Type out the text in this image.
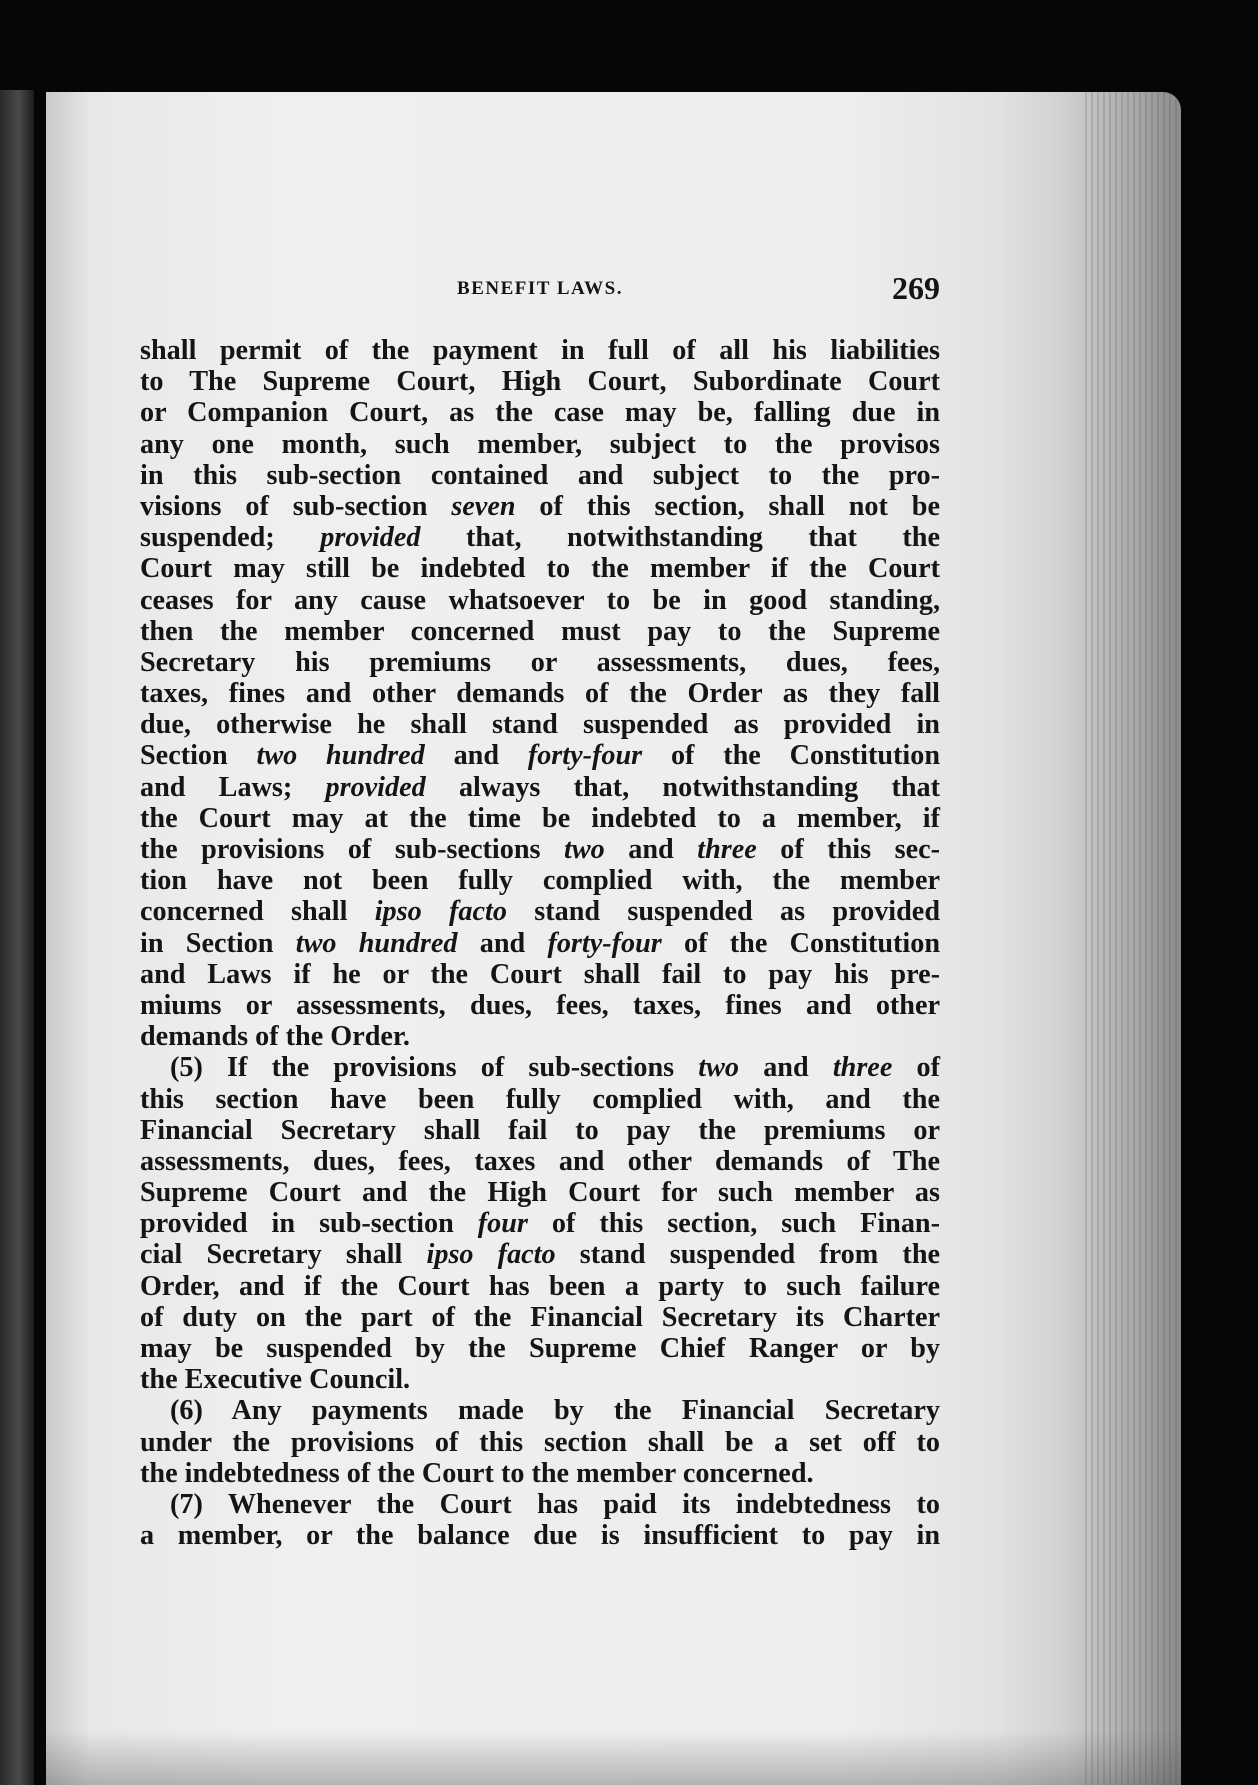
BENEFIT LAWS.	269
shall permit of the payment in full of all his liabilities
to The Supreme Court, High Court, Subordinate Court
or Companion Court, as the case may be, falling due in
any one month, such member, subject to the provisos
in this sub-section contained and subject to the pro-
visions of sub-section seven of this section, shall not be
suspended; provided that, notwithstanding that the
Court may still be indebted to the member if the Court
ceases for any cause whatsoever to be in good standing,
then the member concerned must pay to the Supreme
Secretary his premiums or assessments, dues, fees,
taxes, fines and other demands of the Order as they fall
due, otherwise he shall stand suspended as provided in
Section two hundred and forty-four of the Constitution
and Laws; provided always that, notwithstanding that
the Court may at the time be indebted to a member, if
the provisions of sub-sections two and three of this sec-
tion have not been fully complied with, the member
concerned shall ipso facto stand suspended as provided
in Section two hundred and forty-four of the Constitution
and Laws if he or the Court shall fail to pay his pre-
miums or assessments, dues, fees, taxes, fines and other
demands of the Order.
(5) If the provisions of sub-sections two and three of
this section have been fully complied with, and the
Financial Secretary shall fail to pay the premiums or
assessments, dues, fees, taxes and other demands of The
Supreme Court and the High Court for such member as
provided in sub-section four of this section, such Finan-
cial Secretary shall ipso facto stand suspended from the
Order, and if the Court has been a party to such failure
of duty on the part of the Financial Secretary its Charter
may be suspended by the Supreme Chief Ranger or by
the Executive Council.
(6) Any payments made by the Financial Secretary
under the provisions of this section shall be a set off to
the indebtedness of the Court to the member concerned.
(7) Whenever the Court has paid its indebtedness to
a member, or the balance due is insufficient to pay in
